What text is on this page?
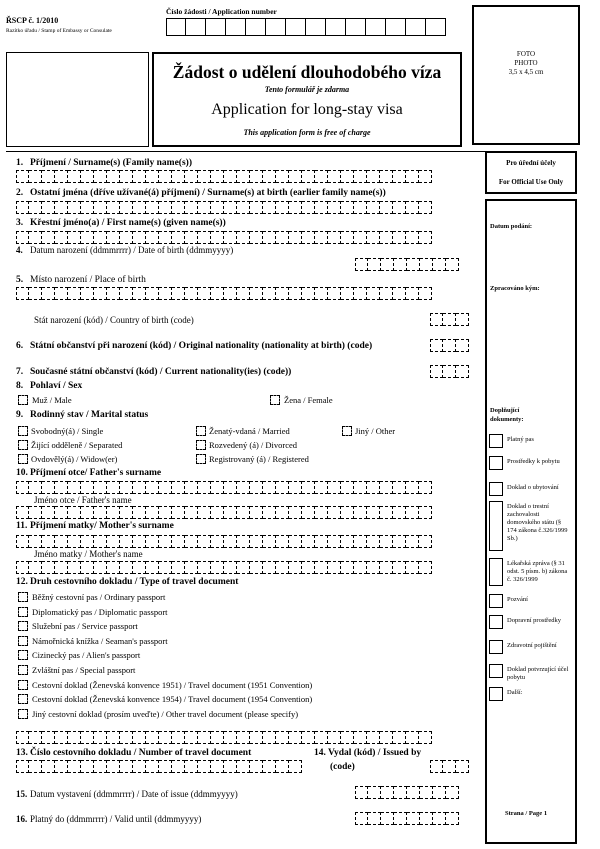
ŘSCP č. 1/2010
Razítko úřadu / Stamp of Embassy or Consulate
Číslo žádosti / Application number
Žádost o udělení dlouhodobého víza
Tento formulář je zdarma
Application for long-stay visa
This application form is free of charge
FOTO
PHOTO
3,5 x 4,5 cm
Pro úřední účely
For Official Use Only
Datum podání:
Zpracováno kým:
Doplňující dokumenty:
Platný pas
Prostředky k pobytu
Doklad o ubytování
Doklad o trestní zachovalosti domovského státu (§ 174 zákona č.326/1999 Sb.)
Lékařská zpráva (§ 31 odst. 5 písm. b) zákona č. 326/1999
Pozvání
Dopravní prostředky
Zdravotní pojištění
Doklad potvrzující účel pobytu
Další:
Strana / Page 1
1. Příjmení / Surname(s) (Family name(s))
2. Ostatní jména (dříve užívané(á) příjmení) / Surname(s) at birth (earlier family name(s))
3. Křestní jméno(a) / First name(s) (given name(s))
4. Datum narození (ddmmrrrr) / Date of birth (ddmmyyyy)
5. Místo narození / Place of birth
Stát narození (kód) / Country of birth (code)
6. Státní občanství při narození (kód) / Original nationality (nationality at birth) (code)
7. Současné státní občanství (kód) / Current nationality(ies) (code))
8. Pohlaví / Sex
Muž / Male	Žena / Female
9. Rodinný stav / Marital status
Svobodný(á) / Single
Žijící odděleně / Separated
Ovdovělý(á) / Widow(er)
Ženatý-vdaná / Married
Rozvedený (á) / Divorced
Registrovaný (á) / Registered
Jiný / Other
10. Příjmení otce/ Father's surname
Jméno otce / Father's name
11. Příjmení matky/ Mother's surname
Jméno matky / Mother's name
12. Druh cestovního dokladu / Type of travel document
Běžný cestovní pas / Ordinary passport
Diplomatický pas / Diplomatic passport
Služební pas / Service passport
Námořnická knížka / Seaman's passport
Cizinecký pas / Alien's passport
Zvláštní pas / Special passport
Cestovní doklad (Ženevská konvence 1951) / Travel document (1951 Convention)
Cestovní doklad (Ženevská konvence 1954) / Travel document (1954 Convention)
Jiný cestovní doklad (prosím uveďte) / Other travel document (please specify)
13. Číslo cestovního dokladu / Number of travel document	14. Vydal (kód) / Issued by
(code)
15. Datum vystavení (ddmmrrrr) / Date of issue (ddmmyyyy)
16. Platný do (ddmmrrrr) / Valid until (ddmmyyyy)
